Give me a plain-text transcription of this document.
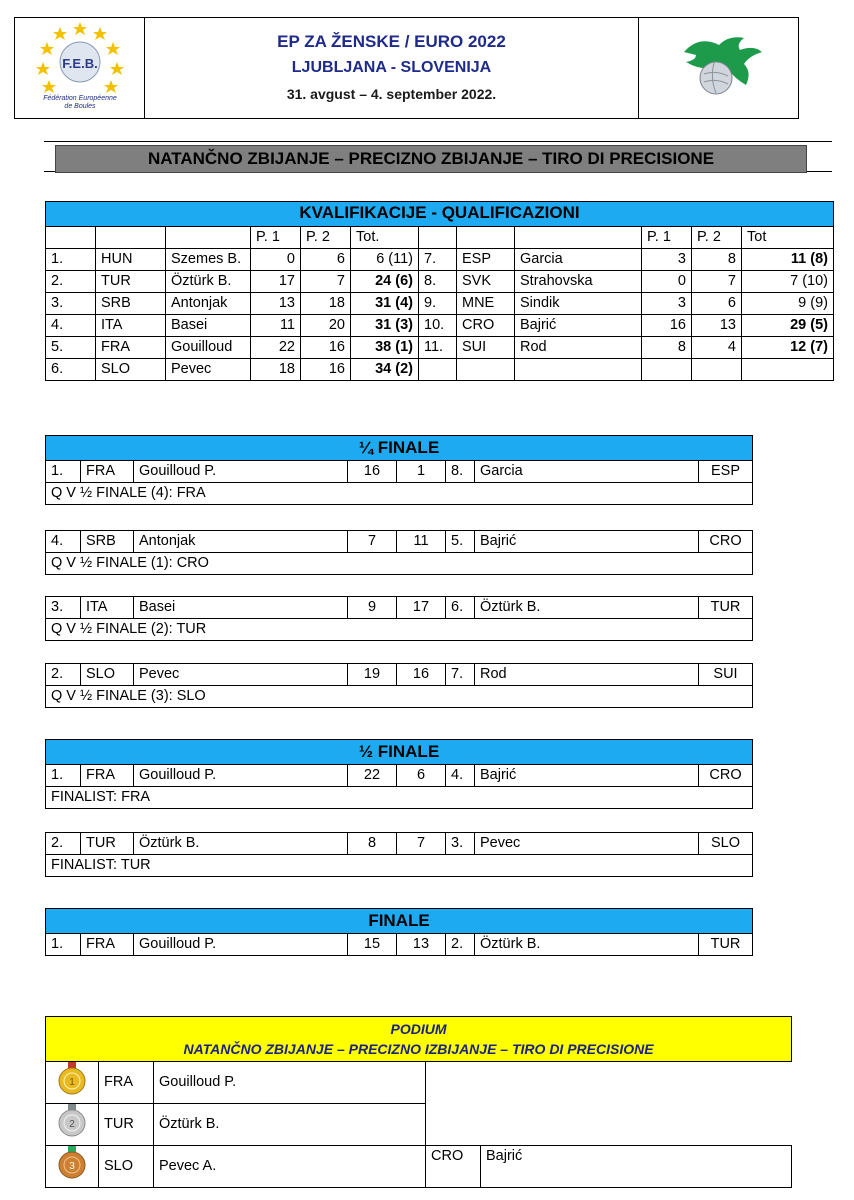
F.E.B.
Fédération Européenne
de Boules

EP ZA ŽENSKE / EURO 2022
LJUBLJANA - SLOVENIJA
31. avgust – 4. september 2022.

NATANČNO ZBIJANJE – PRECIZNO ZBIJANJE – TIRO DI PRECISIONE
KVALIFIKACIJE - QUALIFICAZIONI											
			P. 1	P. 2	Tot.				P. 1	P. 2	Tot
1.	HUN	Szemes B.	0	6	6 (11)	7.	ESP	Garcia	3	8	11 (8)
2.	TUR	Öztürk B.	17	7	24 (6)	8.	SVK	Strahovska	0	7	7 (10)
3.	SRB	Antonjak	13	18	31 (4)	9.	MNE	Sindik	3	6	9 (9)
4.	ITA	Basei	11	20	31 (3)	10.	CRO	Bajrić	16	13	29 (5)
5.	FRA	Gouilloud	22	16	38 (1)	11.	SUI	Rod	8	4	12 (7)
6.	SLO	Pevec	18	16	34 (2)						
¼ FINALE
1.	FRA	Gouilloud P.	16	1	8.	Garcia	ESP
Q V ½ FINALE (4): FRA
4.	SRB	Antonjak	7	11	5.	Bajrić	CRO
Q V ½ FINALE (1): CRO
3.	ITA	Basei	9	17	6.	Öztürk B.	TUR
Q V ½ FINALE (2): TUR
2.	SLO	Pevec	19	16	7.	Rod	SUI
Q V ½ FINALE (3): SLO
½ FINALE
1.	FRA	Gouilloud P.	22	6	4.	Bajrić	CRO
FINALIST: FRA
2.	TUR	Öztürk B.	8	7	3.	Pevec	SLO
FINALIST: TUR
FINALE
1.	FRA	Gouilloud P.	15	13	2.	Öztürk B.	TUR
PODIUM
NATANČNO ZBIJANJE – PRECIZNO IZBIJANJE – TIRO DI PRECISIONE				

1	FRA	Gouilloud P.		

2	TUR	Öztürk B.		

3	SLO	Pevec A.	CRO	Bajrić
